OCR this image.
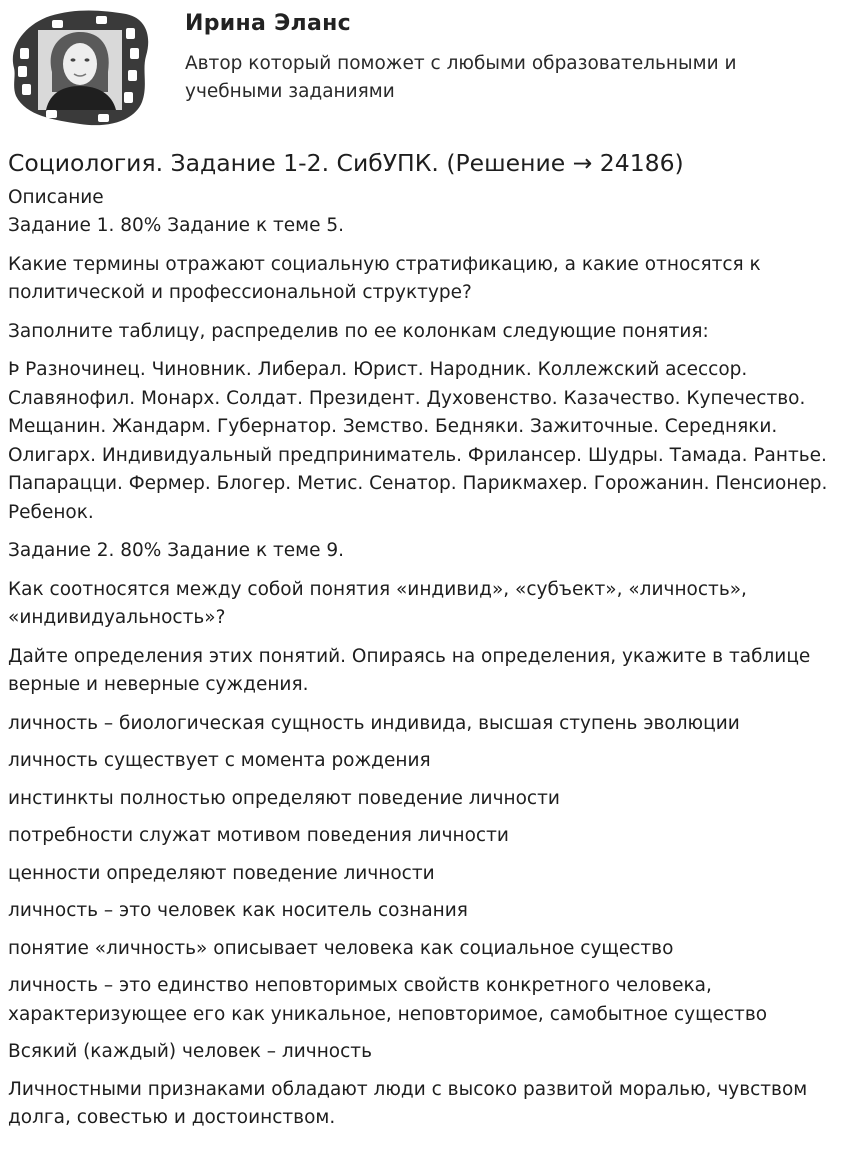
Ирина Эланс
Автор который поможет с любыми образовательными и учебными заданиями
Социология. Задание 1-2. СибУПК. (Решение → 24186)
Описание

Задание 1. 80% Задание к теме 5.

Какие термины отражают социальную стратификацию, а какие относятся к политической и профессиональной структуре?

Заполните таблицу, распределив по ее колонкам следующие понятия:

Þ Разночинец. Чиновник. Либерал. Юрист. Народник. Коллежский асессор. Славянофил. Монарх. Солдат. Президент. Духовенство. Казачество. Купечество. Мещанин. Жандарм. Губернатор. Земство. Бедняки. Зажиточные. Середняки. Олигарх. Индивидуальный предприниматель. Фрилансер. Шудры. Тамада. Рантье. Папарацци. Фермер. Блогер. Метис. Сенатор. Парикмахер. Горожанин. Пенсионер. Ребенок.

Задание 2. 80% Задание к теме 9.

Как соотносятся между собой понятия «индивид», «субъект», «личность», «индивидуальность»?

Дайте определения этих понятий. Опираясь на определения, укажите в таблице верные и неверные суждения.

личность – биологическая сущность индивида, высшая ступень эволюции

личность существует с момента рождения

инстинкты полностью определяют поведение личности

потребности служат мотивом поведения личности

ценности определяют поведение личности

личность – это человек как носитель сознания

понятие «личность» описывает человека как социальное существо

личность – это единство неповторимых свойств конкретного человека, характеризующее его как уникальное, неповторимое, самобытное существо

Всякий (каждый) человек – личность

Личностными признаками обладают люди с высоко развитой моралью, чувством долга, совестью и достоинством.
